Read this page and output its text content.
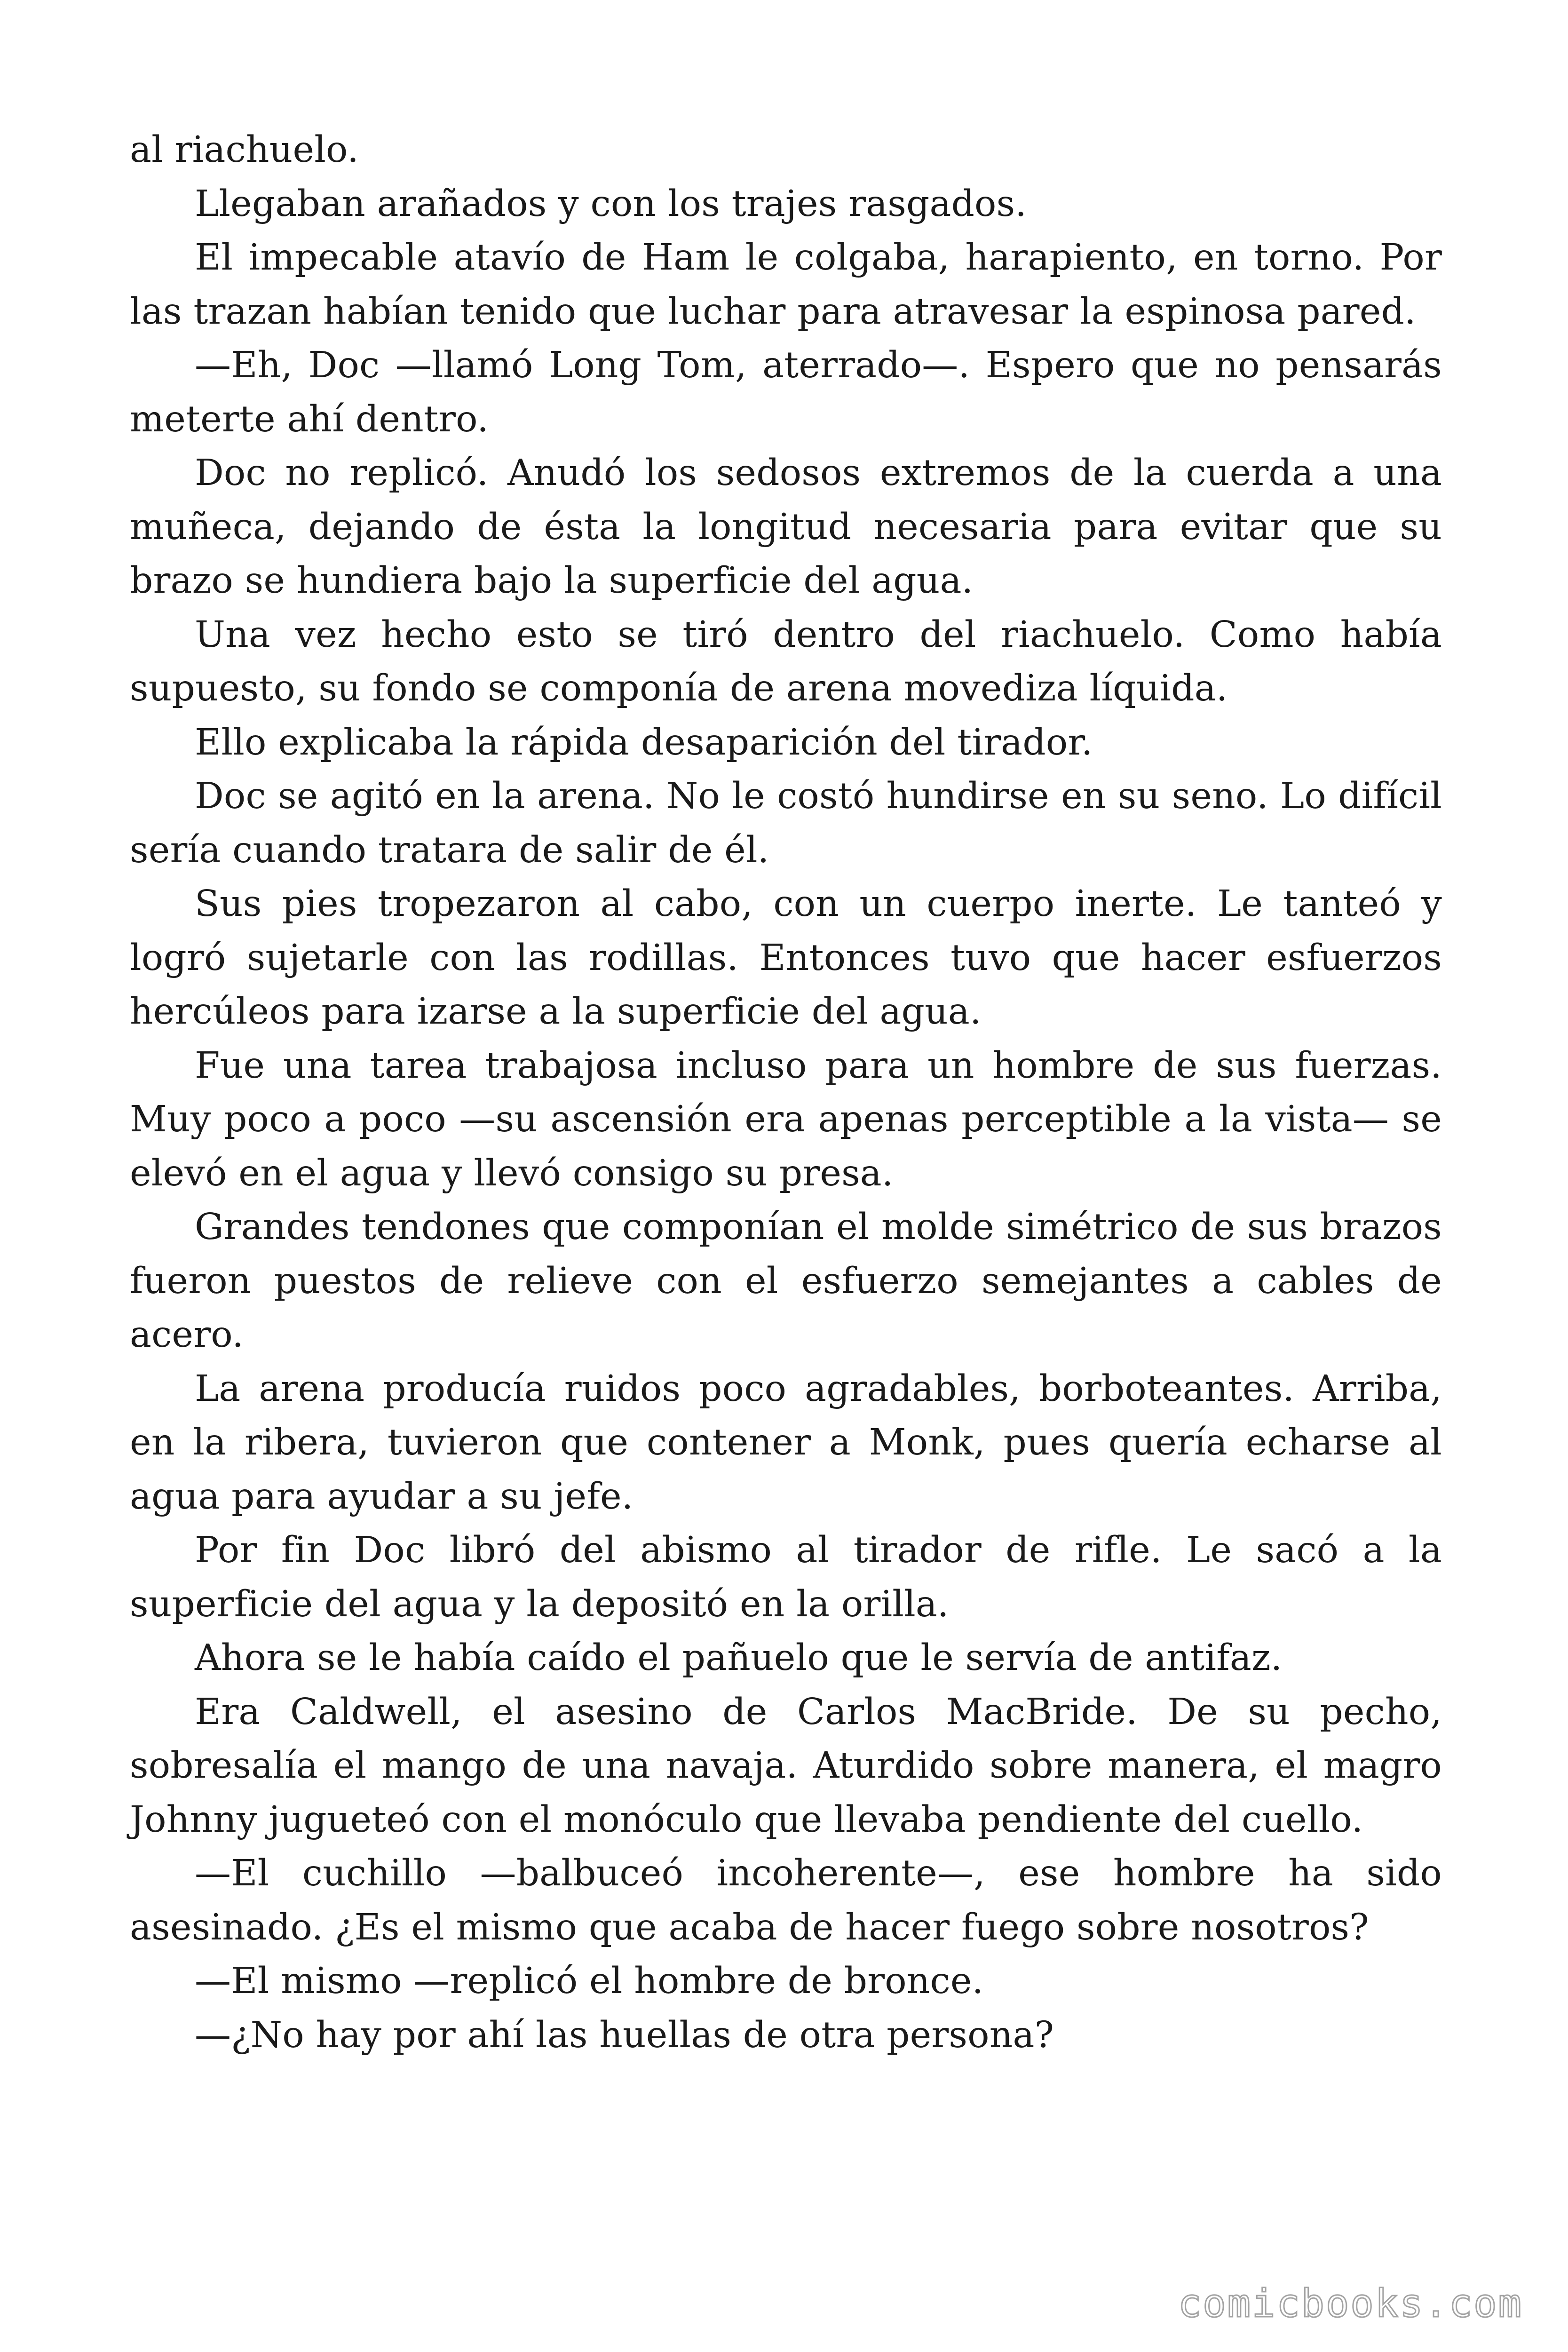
al riachuelo.

Llegaban arañados y con los trajes rasgados.

El impecable atavío de Ham le colgaba, harapiento, en torno. Por las trazan habían tenido que luchar para atravesar la espinosa pared.

—Eh, Doc —llamó Long Tom, aterrado—. Espero que no pensarás meterte ahí dentro.

Doc no replicó. Anudó los sedosos extremos de la cuerda a una muñeca, dejando de ésta la longitud necesaria para evitar que su brazo se hundiera bajo la superficie del agua.

Una vez hecho esto se tiró dentro del riachuelo. Como había supuesto, su fondo se componía de arena movediza líquida.

Ello explicaba la rápida desaparición del tirador.

Doc se agitó en la arena. No le costó hundirse en su seno. Lo difícil sería cuando tratara de salir de él.

Sus pies tropezaron al cabo, con un cuerpo inerte. Le tanteó y logró sujetarle con las rodillas. Entonces tuvo que hacer esfuerzos hercúleos para izarse a la superficie del agua.

Fue una tarea trabajosa incluso para un hombre de sus fuerzas. Muy poco a poco —su ascensión era apenas perceptible a la vista— se elevó en el agua y llevó consigo su presa.

Grandes tendones que componían el molde simétrico de sus brazos fueron puestos de relieve con el esfuerzo semejantes a cables de acero.

La arena producía ruidos poco agradables, borboteantes. Arriba, en la ribera, tuvieron que contener a Monk, pues quería echarse al agua para ayudar a su jefe.

Por fin Doc libró del abismo al tirador de rifle. Le sacó a la superficie del agua y la depositó en la orilla.

Ahora se le había caído el pañuelo que le servía de antifaz.

Era Caldwell, el asesino de Carlos MacBride. De su pecho, sobresalía el mango de una navaja. Aturdido sobre manera, el magro Johnny jugueteó con el monóculo que llevaba pendiente del cuello.

—El cuchillo —balbuceó incoherente—, ese hombre ha sido asesinado. ¿Es el mismo que acaba de hacer fuego sobre nosotros?

—El mismo —replicó el hombre de bronce.

—¿No hay por ahí las huellas de otra persona?

comicbooks.com
